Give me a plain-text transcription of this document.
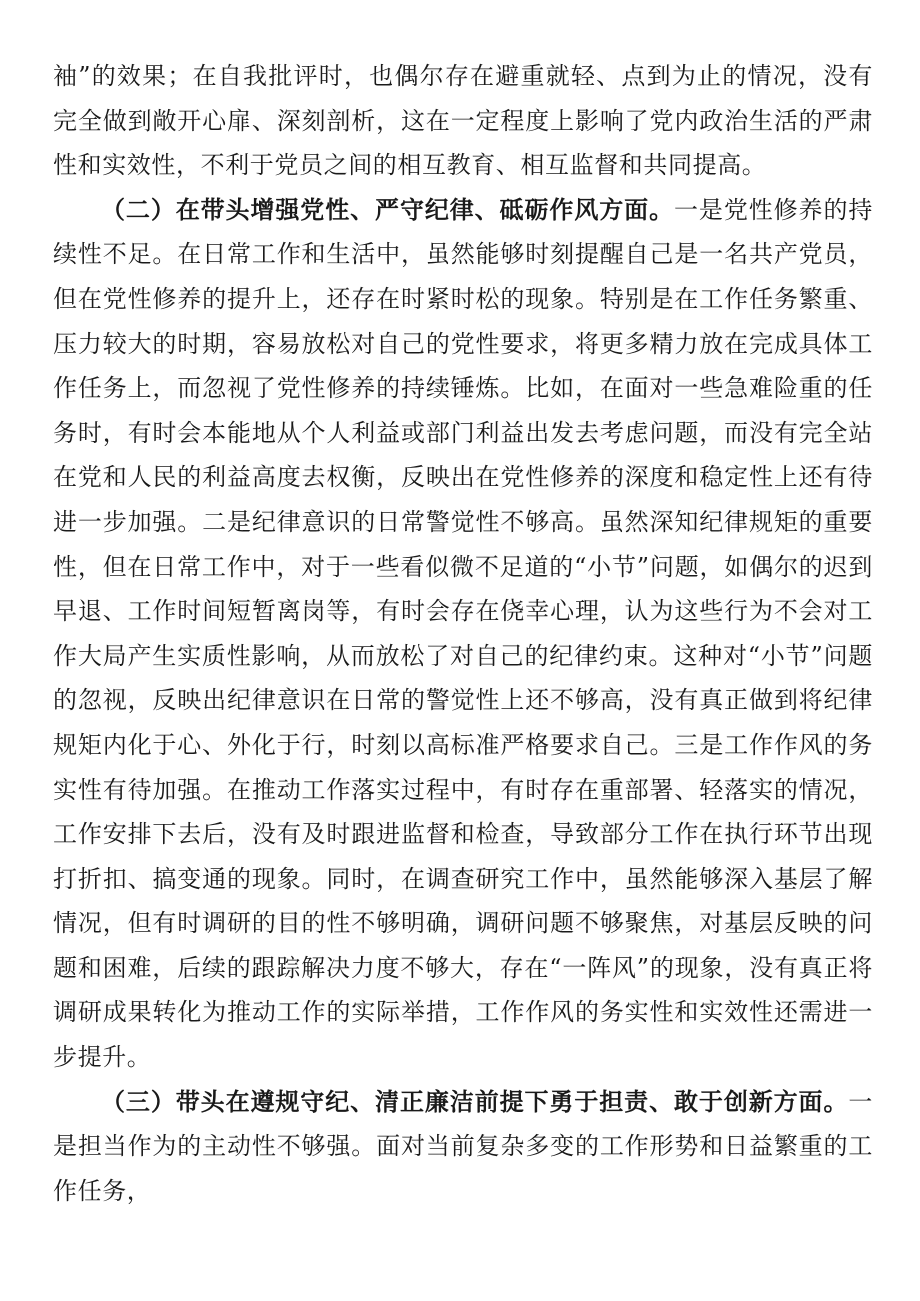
袖”的效果；在自我批评时，也偶尔存在避重就轻、点到为止的情况，没有完全做到敞开心扉、深刻剖析，这在一定程度上影响了党内政治生活的严肃性和实效性，不利于党员之间的相互教育、相互监督和共同提高。

（二）在带头增强党性、严守纪律、砥砺作风方面。一是党性修养的持续性不足。在日常工作和生活中，虽然能够时刻提醒自己是一名共产党员，但在党性修养的提升上，还存在时紧时松的现象。特别是在工作任务繁重、压力较大的时期，容易放松对自己的党性要求，将更多精力放在完成具体工作任务上，而忽视了党性修养的持续锤炼。比如，在面对一些急难险重的任务时，有时会本能地从个人利益或部门利益出发去考虑问题，而没有完全站在党和人民的利益高度去权衡，反映出在党性修养的深度和稳定性上还有待进一步加强。二是纪律意识的日常警觉性不够高。虽然深知纪律规矩的重要性，但在日常工作中，对于一些看似微不足道的“小节”问题，如偶尔的迟到早退、工作时间短暂离岗等，有时会存在侥幸心理，认为这些行为不会对工作大局产生实质性影响，从而放松了对自己的纪律约束。这种对“小节”问题的忽视，反映出纪律意识在日常的警觉性上还不够高，没有真正做到将纪律规矩内化于心、外化于行，时刻以高标准严格要求自己。三是工作作风的务实性有待加强。在推动工作落实过程中，有时存在重部署、轻落实的情况，工作安排下去后，没有及时跟进监督和检查，导致部分工作在执行环节出现打折扣、搞变通的现象。同时，在调查研究工作中，虽然能够深入基层了解情况，但有时调研的目的性不够明确，调研问题不够聚焦，对基层反映的问题和困难，后续的跟踪解决力度不够大，存在“一阵风”的现象，没有真正将调研成果转化为推动工作的实际举措，工作作风的务实性和实效性还需进一步提升。

（三）带头在遵规守纪、清正廉洁前提下勇于担责、敢于创新方面。一是担当作为的主动性不够强。面对当前复杂多变的工作形势和日益繁重的工作任务，
